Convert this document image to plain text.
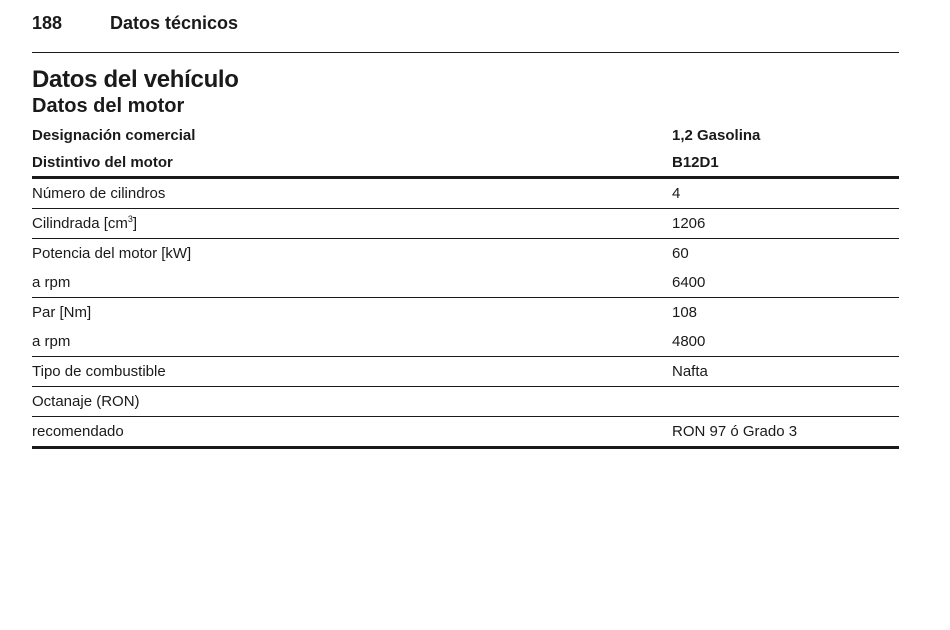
188	Datos técnicos
Datos del vehículo
Datos del motor
Designación comercial	1,2 Gasolina
Distintivo del motor	B12D1
Número de cilindros	4
Cilindrada $[cm^3]$	1206
Potencia del motor [kW]	60
a rpm	6400
Par [Nm]	108
a rpm	4800
Tipo de combustible	Nafta
Octanaje (RON)	
recomendado	RON 97 ó Grado 3
